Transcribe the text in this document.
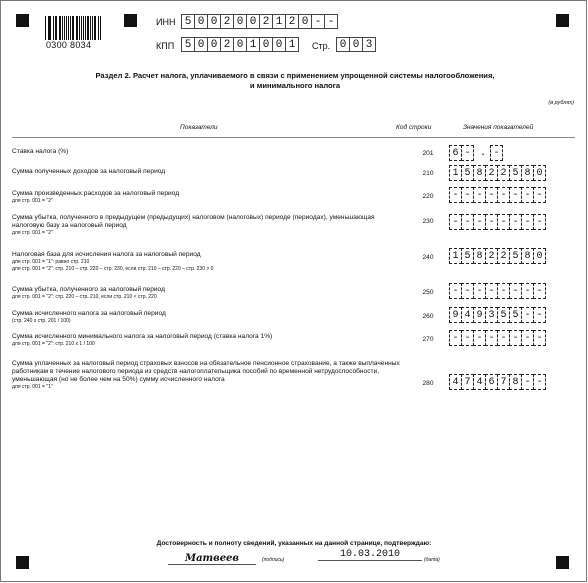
0300 8034
ИНН 5 0 0 2 0 0 2 1 2 0 - -
КПП 5 0 0 2 0 1 0 0 1	Стр. 0 0 3
Раздел 2. Расчет налога, уплачиваемого в связи с применением упрощенной системы налогообложения,
и минимального налога
(в рублях)
Показатели	Код строки	Значения показателей
Ставка налога (%)	201	6 - . -
Сумма полученных доходов за налоговый период	210	1 5 8 2 2 5 8 0
Сумма произведенных расходов за налоговый период
для стр. 001 = "2"
220	- - - - - - - -
Сумма убытка, полученного в предыдущем (предыдущих) налоговом (налоговых) периоде (периодах), уменьшающая налоговую базу за налоговый период
для стр. 001 = "2"
230	- - - - - - - -
Налоговая база для исчисления налога за налоговый период
для стр. 001 = "1": равно стр. 210
для стр. 001 = "2": стр. 210 – стр. 220 – стр. 230, если стр. 210 – стр. 220 – стр. 230 > 0
240	1 5 8 2 2 5 8 0
Сумма убытка, полученного за налоговый период
для стр. 001 = "2": стр. 220 – стр. 210, если стр. 210 < стр. 220
250	- - - - - - - -
Сумма исчисленного налога за налоговый период
(стр. 240 х стр. 201 / 100)
260	9 4 9 3 5 5 - -
Сумма исчисленного минимального налога за налоговый период (ставка налога 1%)
для стр. 001 = "2": стр. 210 х 1 / 100
270	- - - - - - - -
Сумма уплаченных за налоговый период страховых взносов на обязательное пенсионное страхование, а также выплаченных работникам в течение налогового периода из средств налогоплательщика пособий по временной нетрудоспособности, уменьшающая (но не более чем на 50%) сумму исчисленного налога
для стр. 001 = "1"	280	4 7 4 6 7 8 - -
Достоверность и полноту сведений, указанных на данной странице, подтверждаю:
Матвеев	(подпись)	10.03.2010	(дата)
